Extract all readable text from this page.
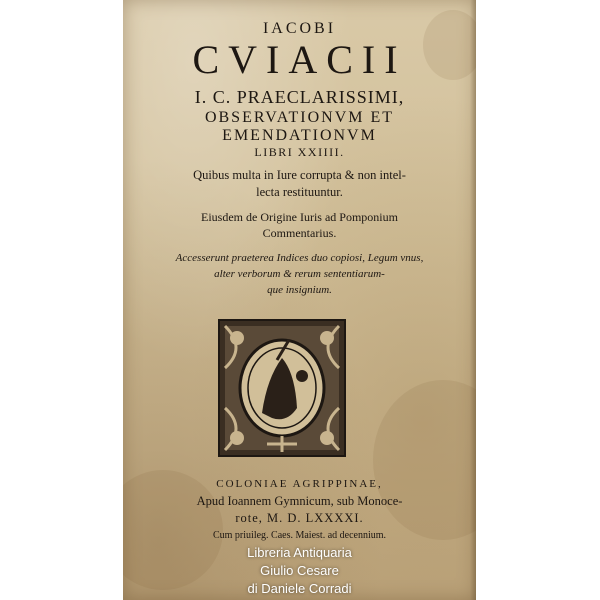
IACOBI
CVIACII
I. C. PRAECLARISSIMI,
OBSERVATIONVM ET
EMENDATIONVM
LIBRI XXIIII.
Quibus multa in Iure corrupta & non intel-
lecta restituuntur.
Eiusdem de Origine Iuris ad Pomponium
Commentarius.
Accesserunt praeterea Indices duo copiosi, Legum vnus,
alter verborum & rerum sententiarum-
que insignium.
COLONIAE AGRIPPINAE,
Apud Ioannem Gymnicum, sub Monoce-
rote, M. D. LXXXXI.
Cum priuileg. Caes. Maiest. ad decennium.
Libreria Antiquaria
Giulio Cesare
di Daniele Corradi
